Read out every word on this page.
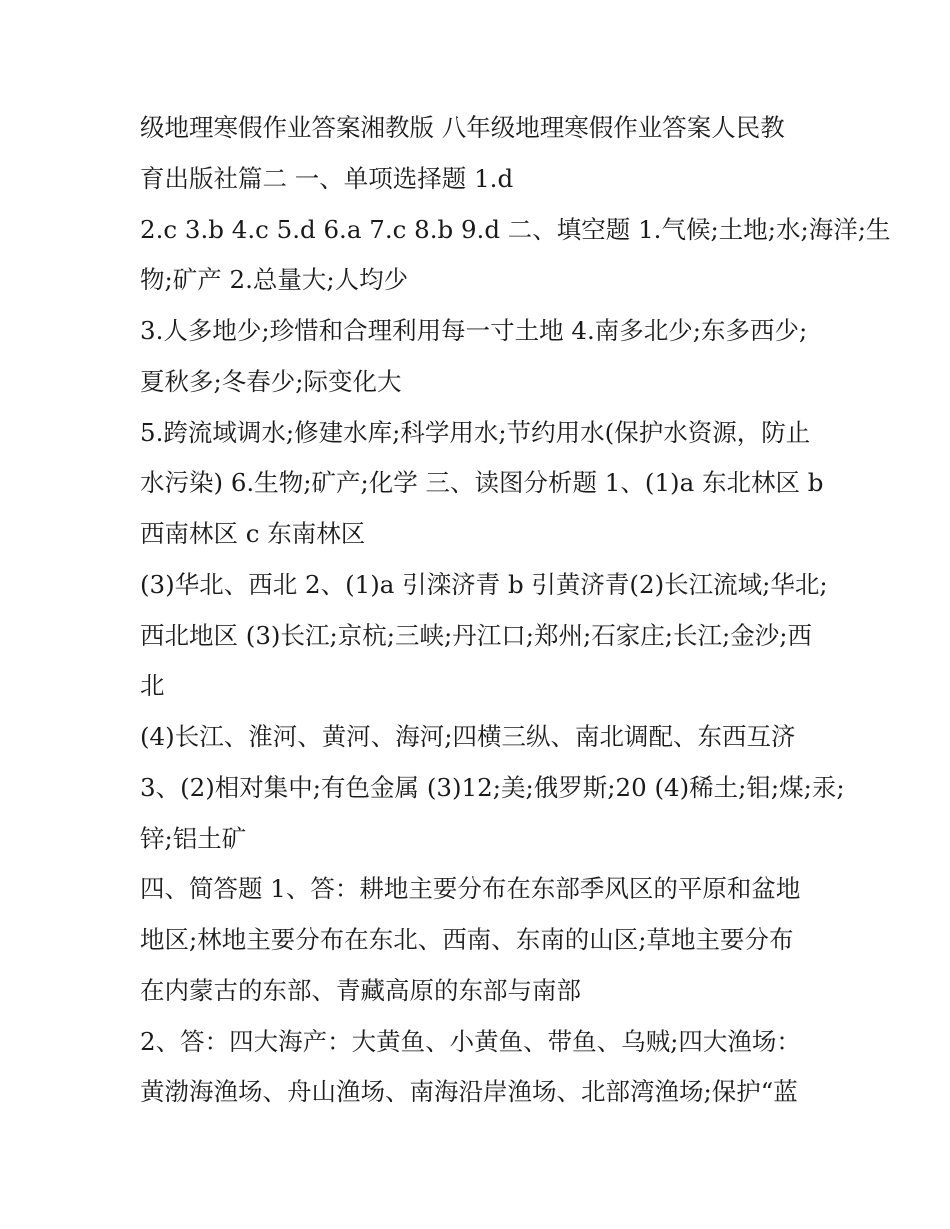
级地理寒假作业答案湘教版 八年级地理寒假作业答案人民教

育出版社篇二 一、单项选择题 1.d

2.c 3.b 4.c 5.d 6.a 7.c 8.b 9.d 二、填空题 1.气候;土地;水;海洋;生

物;矿产 2.总量大;人均少

3.人多地少;珍惜和合理利用每一寸土地 4.南多北少;东多西少;

夏秋多;冬春少;际变化大

5.跨流域调水;修建水库;科学用水;节约用水(保护水资源，防止

水污染) 6.生物;矿产;化学 三、读图分析题 1、(1)a 东北林区 b

西南林区 c 东南林区

(3)华北、西北 2、(1)a 引滦济青 b 引黄济青(2)长江流域;华北;

西北地区 (3)长江;京杭;三峡;丹江口;郑州;石家庄;长江;金沙;西

北

(4)长江、淮河、黄河、海河;四横三纵、南北调配、东西互济

3、(2)相对集中;有色金属 (3)12;美;俄罗斯;20 (4)稀土;钼;煤;汞;

锌;铝土矿

四、简答题 1、答：耕地主要分布在东部季风区的平原和盆地

地区;林地主要分布在东北、西南、东南的山区;草地主要分布

在内蒙古的东部、青藏高原的东部与南部

2、答：四大海产：大黄鱼、小黄鱼、带鱼、乌贼;四大渔场：

黄渤海渔场、舟山渔场、南海沿岸渔场、北部湾渔场;保护“蓝
